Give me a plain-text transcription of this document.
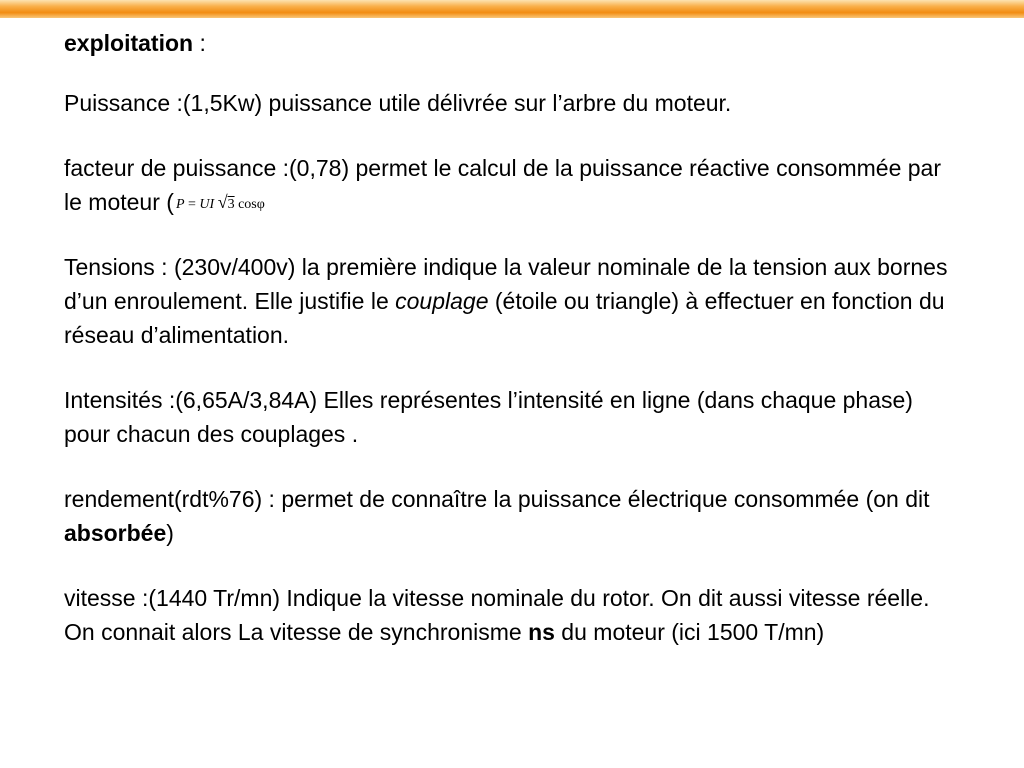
exploitation :

Puissance :(1,5Kw) puissance utile délivrée sur l’arbre du moteur.

facteur de puissance :(0,78) permet le calcul de la puissance réactive consommée par le moteur ( P = UI √3 cosφ

Tensions : (230v/400v) la première indique la valeur nominale de la tension aux bornes d’un enroulement. Elle justifie le couplage (étoile ou triangle) à effectuer en fonction du réseau d’alimentation.

Intensités :(6,65A/3,84A) Elles représentes l’intensité en ligne (dans chaque phase) pour chacun des couplages .

rendement(rdt%76) : permet de connaître la puissance électrique consommée (on dit absorbée)

vitesse :(1440 Tr/mn) Indique la vitesse nominale du rotor. On dit aussi vitesse réelle. On connait alors La vitesse de synchronisme ns du moteur (ici 1500 T/mn)
